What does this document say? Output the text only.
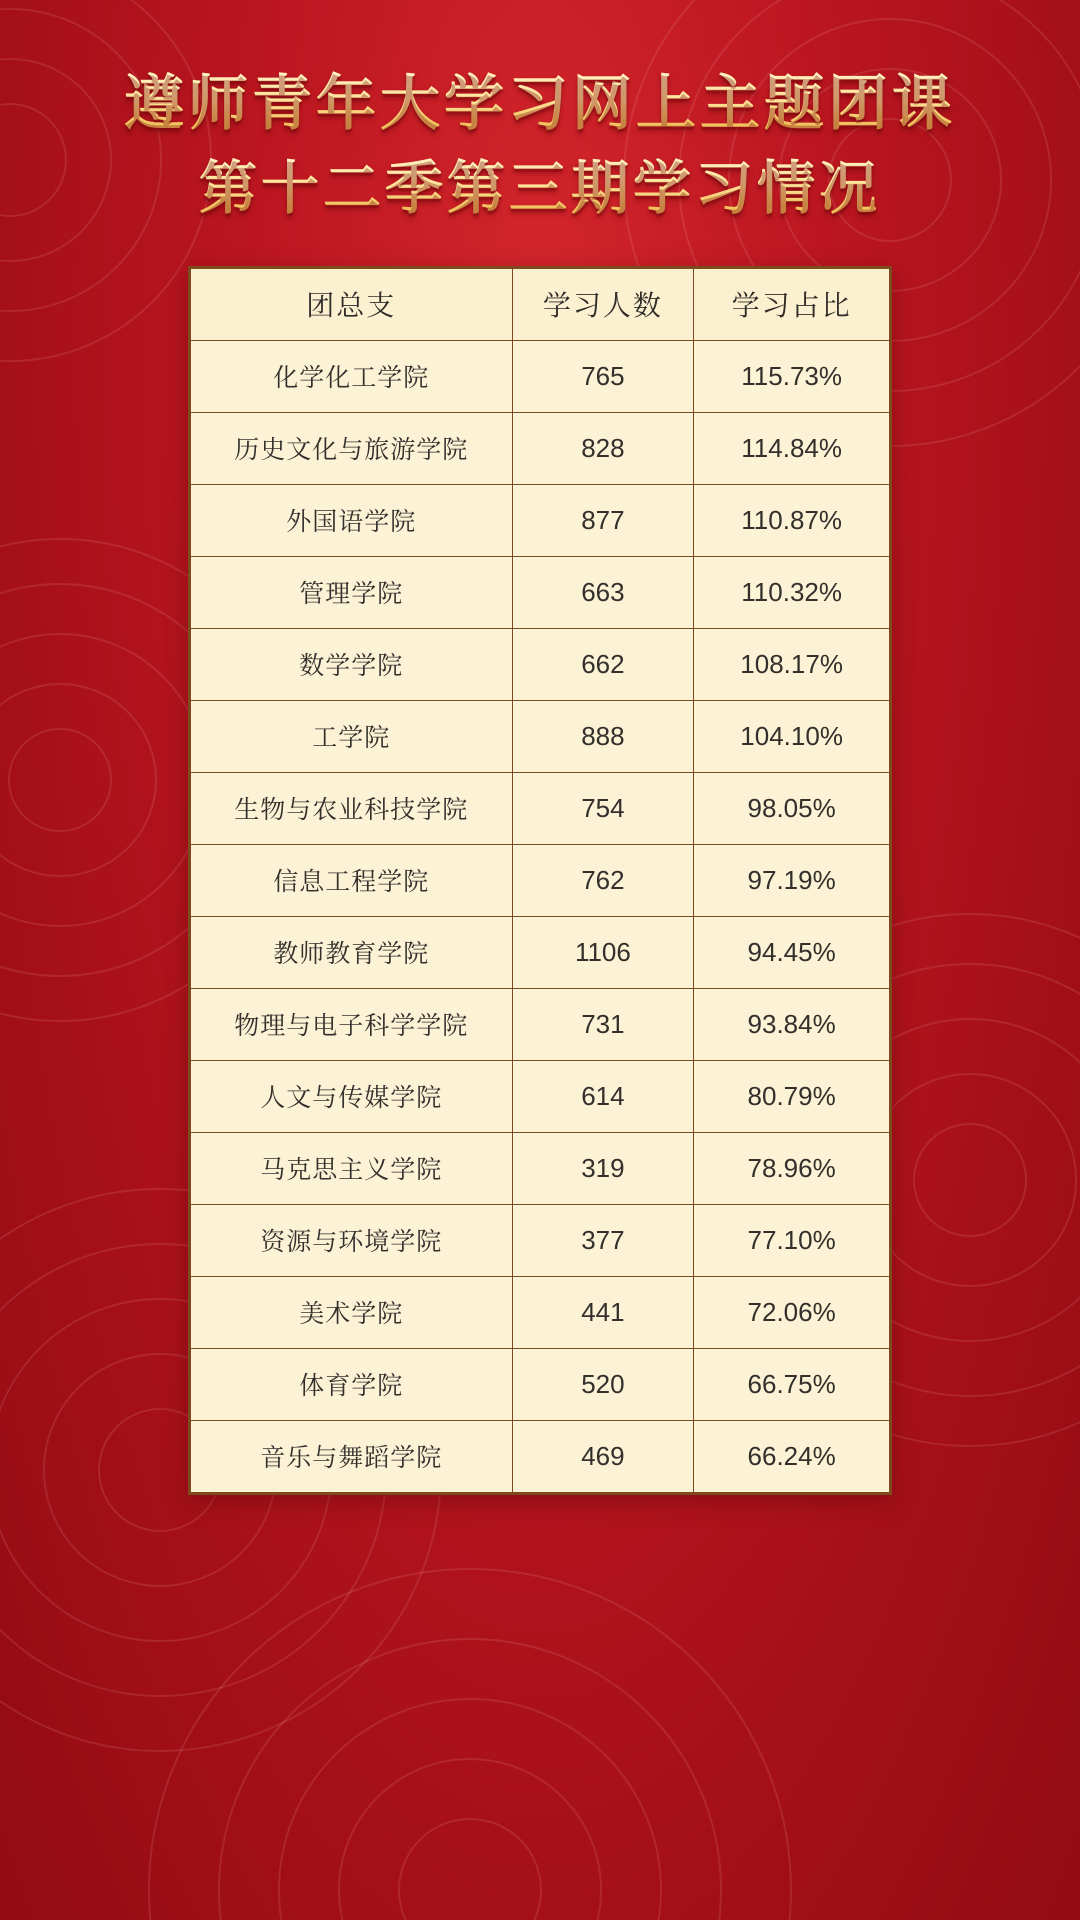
遵师青年大学习网上主题团课
第十二季第三期学习情况
团总支	学习人数	学习占比
化学化工学院	765	115.73%
历史文化与旅游学院	828	114.84%
外国语学院	877	110.87%
管理学院	663	110.32%
数学学院	662	108.17%
工学院	888	104.10%
生物与农业科技学院	754	98.05%
信息工程学院	762	97.19%
教师教育学院	1106	94.45%
物理与电子科学学院	731	93.84%
人文与传媒学院	614	80.79%
马克思主义学院	319	78.96%
资源与环境学院	377	77.10%
美术学院	441	72.06%
体育学院	520	66.75%
音乐与舞蹈学院	469	66.24%
